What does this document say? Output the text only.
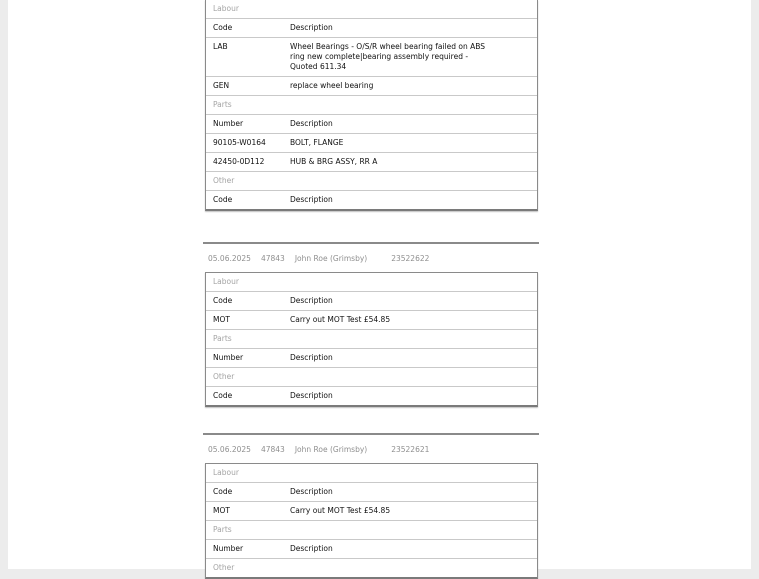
Labour
Code	Description
LAB	Wheel Bearings - O/S/R wheel bearing failed on ABS ring new complete|bearing assembly required - Quoted 611.34
GEN	replace wheel bearing
Parts
Number	Description
90105-W0164	BOLT, FLANGE
42450-0D112	HUB & BRG ASSY, RR A
Other
Code	Description
05.06.2025 47843 John Roe (Grimsby)	23522622
Labour
Code	Description
MOT	Carry out MOT Test £54.85
Parts
Number	Description
Other
Code	Description
05.06.2025 47843 John Roe (Grimsby)	23522621
Labour
Code	Description
MOT	Carry out MOT Test £54.85
Parts
Number	Description
Other
